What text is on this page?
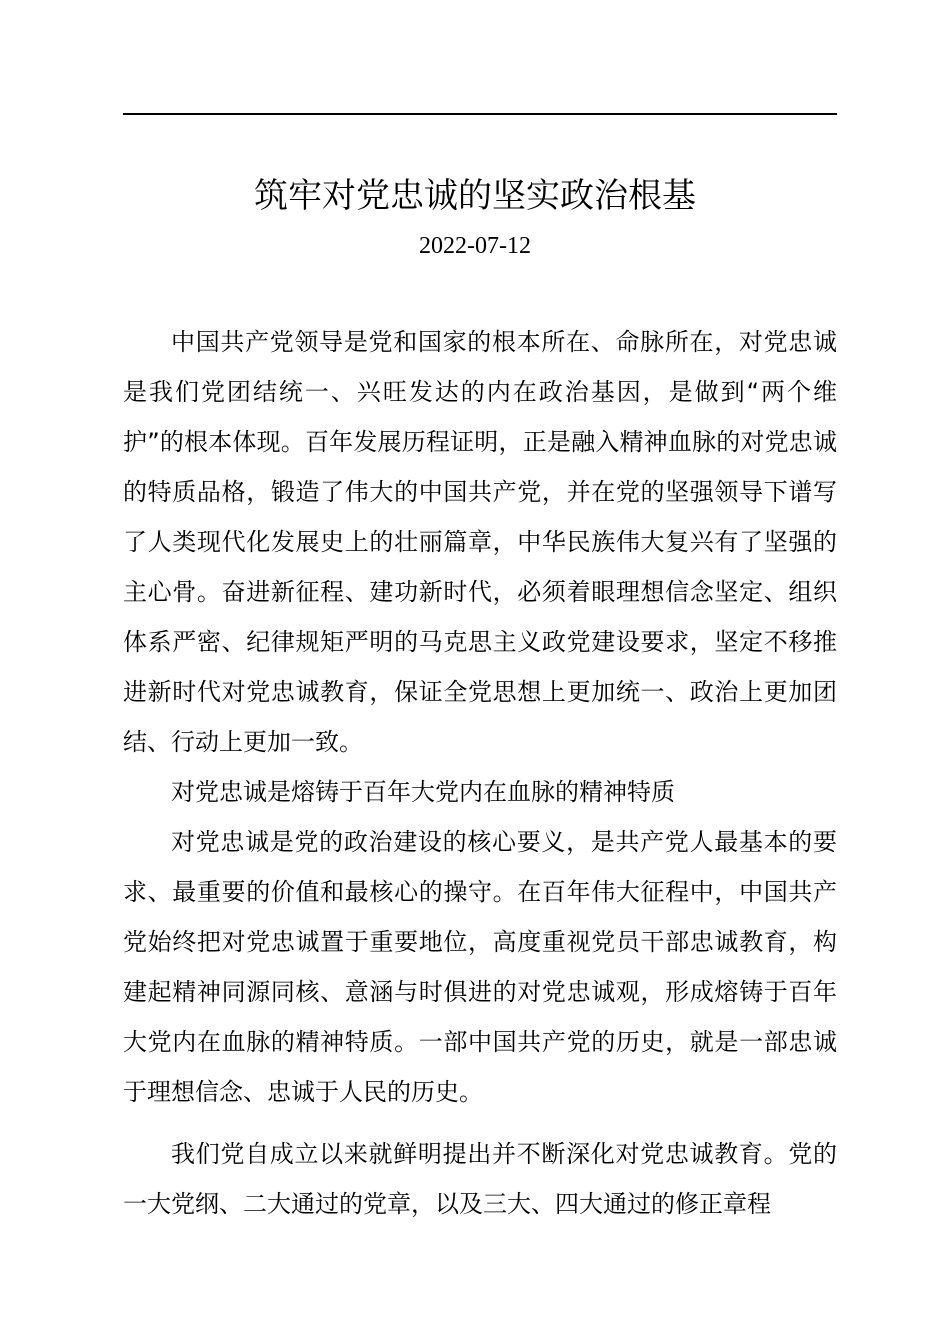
筑牢对党忠诚的坚实政治根基
2022-07-12

中国共产党领导是党和国家的根本所在、命脉所在，对党忠诚是我们党团结统一、兴旺发达的内在政治基因，是做到“两个维护”的根本体现。百年发展历程证明，正是融入精神血脉的对党忠诚的特质品格，锻造了伟大的中国共产党，并在党的坚强领导下谱写了人类现代化发展史上的壮丽篇章，中华民族伟大复兴有了坚强的主心骨。奋进新征程、建功新时代，必须着眼理想信念坚定、组织体系严密、纪律规矩严明的马克思主义政党建设要求，坚定不移推进新时代对党忠诚教育，保证全党思想上更加统一、政治上更加团结、行动上更加一致。

对党忠诚是熔铸于百年大党内在血脉的精神特质

对党忠诚是党的政治建设的核心要义，是共产党人最基本的要求、最重要的价值和最核心的操守。在百年伟大征程中，中国共产党始终把对党忠诚置于重要地位，高度重视党员干部忠诚教育，构建起精神同源同核、意涵与时俱进的对党忠诚观，形成熔铸于百年大党内在血脉的精神特质。一部中国共产党的历史，就是一部忠诚于理想信念、忠诚于人民的历史。

我们党自成立以来就鲜明提出并不断深化对党忠诚教育。党的一大党纲、二大通过的党章，以及三大、四大通过的修正章程
